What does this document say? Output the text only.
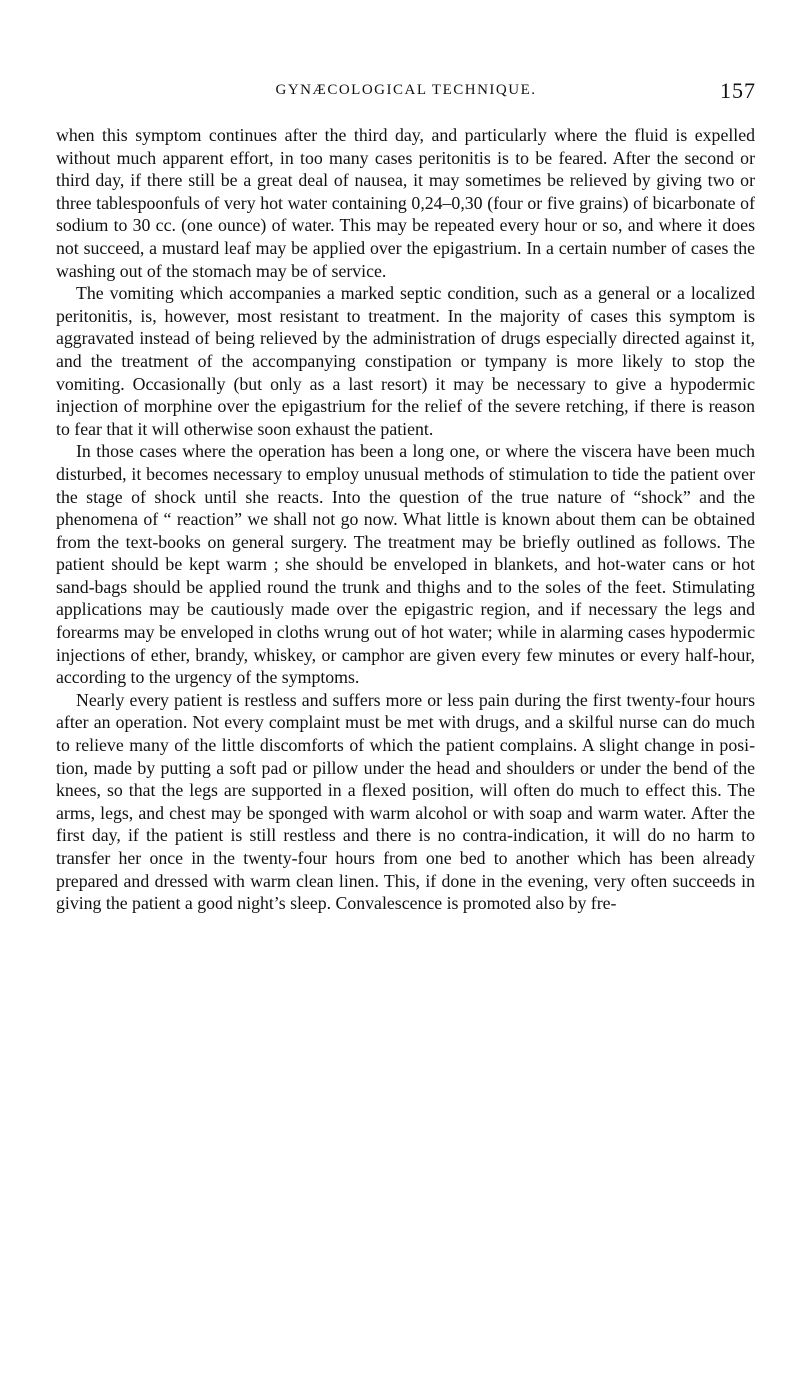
GYNÆCOLOGICAL TECHNIQUE.	157

when this symptom continues after the third day, and particularly where the fluid is expelled without much apparent effort, in too many cases peritonitis is to be feared. After the second or third day, if there still be a great deal of nausea, it may sometimes be relieved by giving two or three tablespoonfuls of very hot water containing 0,24–0,30 (four or five grains) of bicarbonate of sodium to 30 cc. (one ounce) of water. This may be repeated every hour or so, and where it does not succeed, a mustard leaf may be applied over the epigastrium. In a certain number of cases the washing out of the stomach may be of service.

The vomiting which accompanies a marked septic condition, such as a general or a localized peritonitis, is, however, most resistant to treatment. In the majority of cases this symptom is aggravated instead of being relieved by the administration of drugs especially directed against it, and the treatment of the accompanying constipation or tympany is more likely to stop the vomiting. Occasionally (but only as a last resort) it may be necessary to give a hypodermic injection of morphine over the epigastrium for the relief of the severe retching, if there is reason to fear that it will otherwise soon exhaust the patient.

In those cases where the operation has been a long one, or where the viscera have been much disturbed, it becomes necessary to employ unusual methods of stimulation to tide the patient over the stage of shock until she reacts. Into the question of the true nature of “shock” and the phenomena of “ reaction” we shall not go now. What little is known about them can be obtained from the text-books on general surgery. The treatment may be briefly outlined as follows. The patient should be kept warm ; she should be enveloped in blankets, and hot-water cans or hot sand-bags should be applied round the trunk and thighs and to the soles of the feet. Stimulating applications may be cautiously made over the epigastric region, and if necessary the legs and forearms may be enveloped in cloths wrung out of hot water; while in alarming cases hypodermic injections of ether, brandy, whiskey, or camphor are given every few minutes or every half-hour, according to the urgency of the symptoms.

Nearly every patient is restless and suffers more or less pain during the first twenty-four hours after an operation. Not every complaint must be met with drugs, and a skilful nurse can do much to relieve many of the little discomforts of which the patient complains. A slight change in position, made by putting a soft pad or pillow under the head and shoulders or under the bend of the knees, so that the legs are supported in a flexed position, will often do much to effect this. The arms, legs, and chest may be sponged with warm alcohol or with soap and warm water. After the first day, if the patient is still restless and there is no contra-indication, it will do no harm to transfer her once in the twenty-four hours from one bed to another which has been already prepared and dressed with warm clean linen. This, if done in the evening, very often succeeds in giving the patient a good night’s sleep. Convalescence is promoted also by fre-
